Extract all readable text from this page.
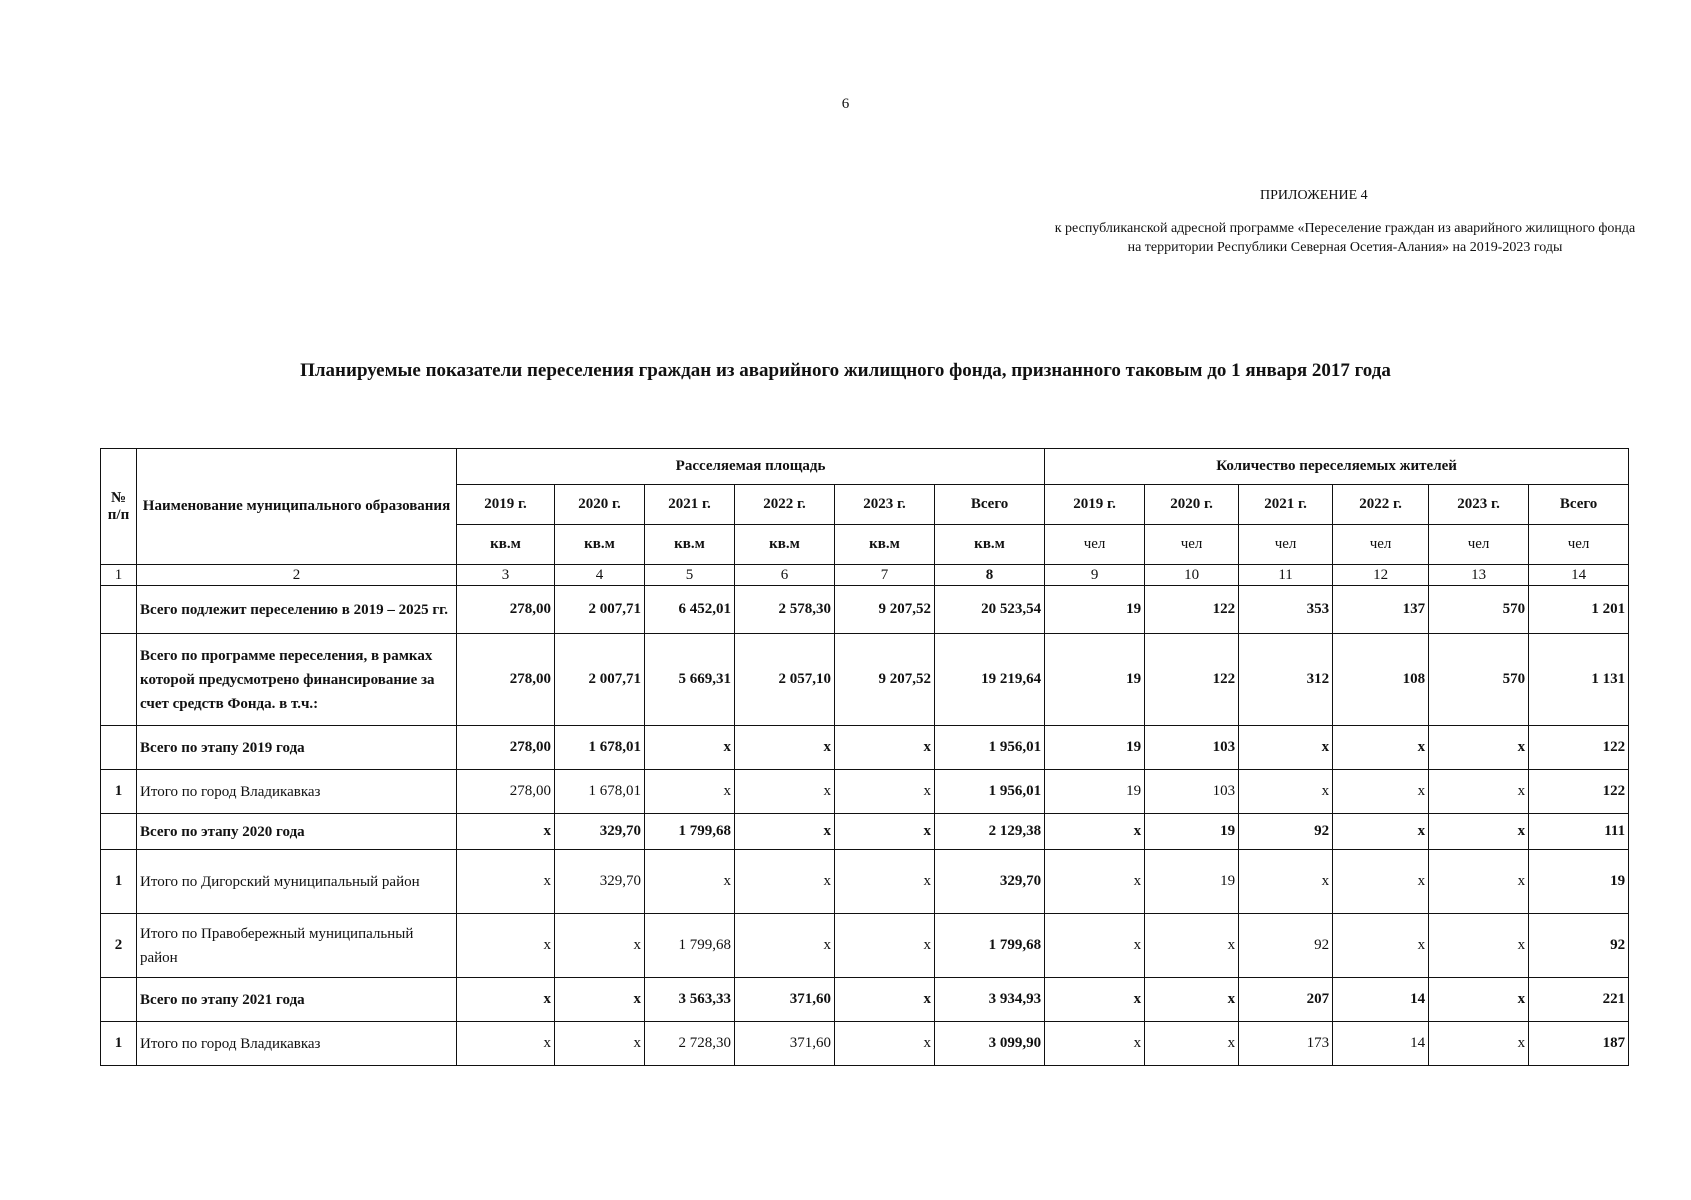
6
ПРИЛОЖЕНИЕ 4
к республиканской адресной программе «Переселение граждан из аварийного жилищного фонда на территории Республики Северная Осетия-Алания» на 2019-2023 годы
Планируемые показатели переселения граждан из аварийного жилищного фонда, признанного таковым до 1 января 2017 года
№ п/п	Наименование муниципального образования	Расселяемая площадь						Количество переселяемых жителей					
		2019 г.	2020 г.	2021 г.	2022 г.	2023 г.	Всего	2019 г.	2020 г.	2021 г.	2022 г.	2023 г.	Всего
		кв.м	кв.м	кв.м	кв.м	кв.м	кв.м	чел	чел	чел	чел	чел	чел
1	2	3	4	5	6	7	8	9	10	11	12	13	14
	Всего подлежит переселению в 2019 – 2025 гг.	278,00	2 007,71	6 452,01	2 578,30	9 207,52	20 523,54	19	122	353	137	570	1 201
	Всего по программе переселения, в рамках которой предусмотрено финансирование за счет средств Фонда. в т.ч.:	278,00	2 007,71	5 669,31	2 057,10	9 207,52	19 219,64	19	122	312	108	570	1 131
	Всего по этапу 2019 года	278,00	1 678,01	x	x	x	1 956,01	19	103	x	x	x	122
1	Итого по город Владикавказ	278,00	1 678,01	x	x	x	1 956,01	19	103	x	x	x	122
	Всего по этапу 2020 года	x	329,70	1 799,68	x	x	2 129,38	x	19	92	x	x	111
1	Итого по Дигорский муниципальный район	x	329,70	x	x	x	329,70	x	19	x	x	x	19
2	Итого по Правобережный муниципальный район	x	x	1 799,68	x	x	1 799,68	x	x	92	x	x	92
	Всего по этапу 2021 года	x	x	3 563,33	371,60	x	3 934,93	x	x	207	14	x	221
1	Итого по город Владикавказ	x	x	2 728,30	371,60	x	3 099,90	x	x	173	14	x	187
